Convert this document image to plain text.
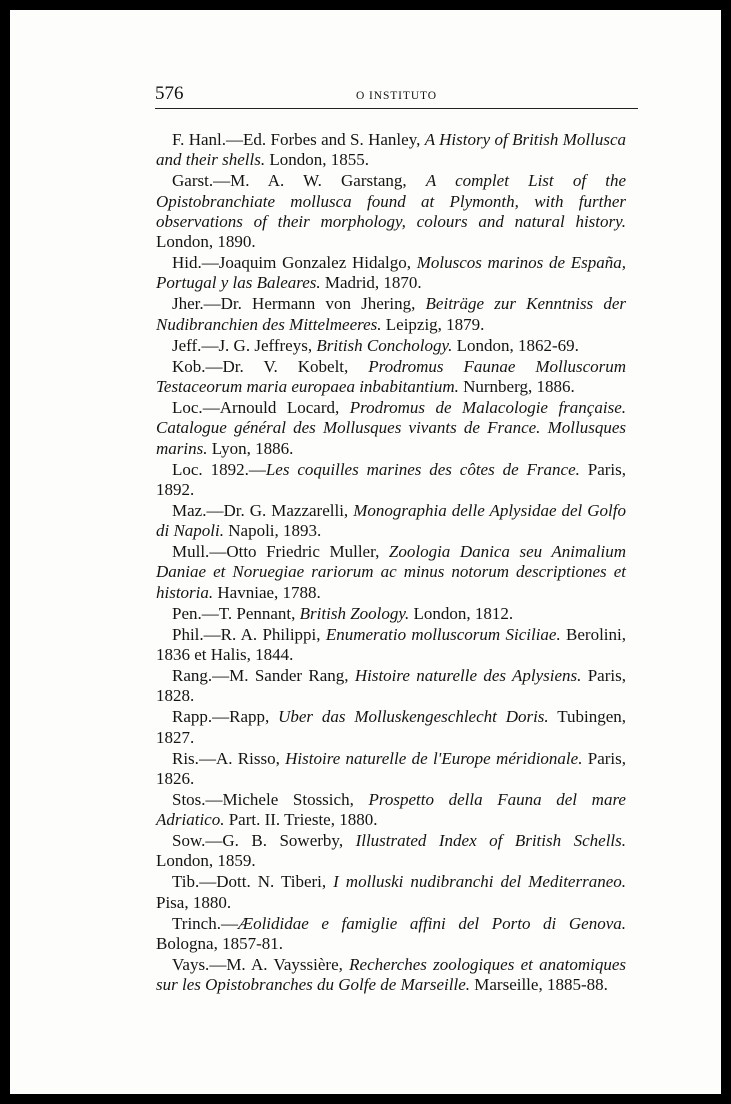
576	O INSTITUTO

F. Hanl.—Ed. Forbes and S. Hanley, A History of British Mollusca and their shells. London, 1855.

Garst.—M. A. W. Garstang, A complet List of the Opistobranchiate mollusca found at Plymonth, with further observations of their morphology, colours and natural history. London, 1890.

Hid.—Joaquim Gonzalez Hidalgo, Moluscos marinos de España, Portugal y las Baleares. Madrid, 1870.

Jher.—Dr. Hermann von Jhering, Beiträge zur Kenntniss der Nudibranchien des Mittelmeeres. Leipzig, 1879.

Jeff.—J. G. Jeffreys, British Conchology. London, 1862-69.

Kob.—Dr. V. Kobelt, Prodromus Faunae Molluscorum Testaceorum maria europaea inbabitantium. Nurnberg, 1886.

Loc.—Arnould Locard, Prodromus de Malacologie française. Catalogue général des Mollusques vivants de France. Mollusques marins. Lyon, 1886.

Loc. 1892.—Les coquilles marines des côtes de France. Paris, 1892.

Maz.—Dr. G. Mazzarelli, Monographia delle Aplysidae del Golfo di Napoli. Napoli, 1893.

Mull.—Otto Friedric Muller, Zoologia Danica seu Animalium Daniae et Noruegiae rariorum ac minus notorum descriptiones et historia. Havniae, 1788.

Pen.—T. Pennant, British Zoology. London, 1812.

Phil.—R. A. Philippi, Enumeratio molluscorum Siciliae. Berolini, 1836 et Halis, 1844.

Rang.—M. Sander Rang, Histoire naturelle des Aplysiens. Paris, 1828.

Rapp.—Rapp, Uber das Molluskengeschlecht Doris. Tubingen, 1827.

Ris.—A. Risso, Histoire naturelle de l'Europe méridionale. Paris, 1826.

Stos.—Michele Stossich, Prospetto della Fauna del mare Adriatico. Part. II. Trieste, 1880.

Sow.—G. B. Sowerby, Illustrated Index of British Schells. London, 1859.

Tib.—Dott. N. Tiberi, I molluski nudibranchi del Mediterraneo. Pisa, 1880.

Trinch.—Æolididae e famiglie affini del Porto di Genova. Bologna, 1857-81.

Vays.—M. A. Vayssière, Recherches zoologiques et anatomiques sur les Opistobranches du Golfe de Marseille. Marseille, 1885-88.
